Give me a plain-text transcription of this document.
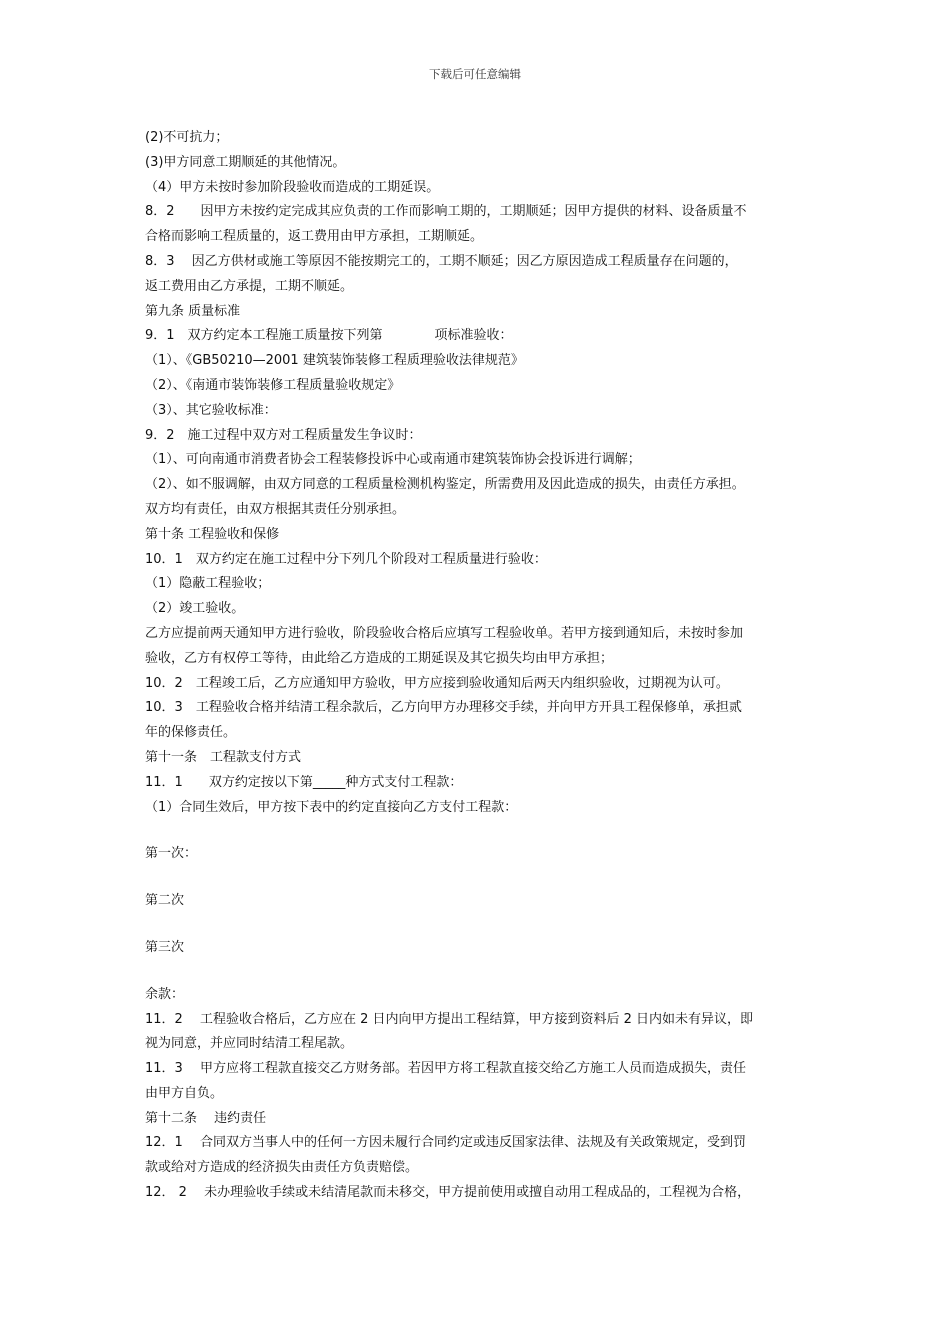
下载后可任意编辑
(2)不可抗力；
(3)甲方同意工期顺延的其他情况。
（4）甲方未按时参加阶段验收而造成的工期延误。
8．2　　因甲方未按约定完成其应负责的工作而影响工期的，工期顺延；因甲方提供的材料、设备质量不
合格而影响工程质量的，返工费用由甲方承担，工期顺延。
8．3　 因乙方供材或施工等原因不能按期完工的，工期不顺延；因乙方原因造成工程质量存在问题的，
返工费用由乙方承提，工期不顺延。
第九条 质量标准
9．1　双方约定本工程施工质量按下列第　　　　项标准验收：
（1）、《GB50210—2001 建筑装饰装修工程质理验收法律规范》
（2）、《南通市装饰装修工程质量验收规定》
（3）、其它验收标准：
9．2　施工过程中双方对工程质量发生争议时：
（1）、可向南通市消费者协会工程装修投诉中心或南通市建筑装饰协会投诉进行调解；
（2）、如不服调解，由双方同意的工程质量检测机构鉴定，所需费用及因此造成的损失，由责任方承担。
双方均有责任，由双方根据其责任分别承担。
第十条 工程验收和保修
10．1　双方约定在施工过程中分下列几个阶段对工程质量进行验收：
（1）隐蔽工程验收；
（2）竣工验收。
乙方应提前两天通知甲方进行验收，阶段验收合格后应填写工程验收单。若甲方接到通知后，未按时参加
验收，乙方有权停工等待，由此给乙方造成的工期延误及其它损失均由甲方承担；
10．2　工程竣工后，乙方应通知甲方验收，甲方应接到验收通知后两天内组织验收，过期视为认可。
10．3　工程验收合格并结清工程余款后，乙方向甲方办理移交手续，并向甲方开具工程保修单，承担贰
年的保修责任。
第十一条　工程款支付方式
11．1　　双方约定按以下第_____种方式支付工程款：
（1）合同生效后，甲方按下表中的约定直接向乙方支付工程款：
第一次：
第二次
第三次
余款：
11．2　 工程验收合格后，乙方应在 2 日内向甲方提出工程结算，甲方接到资料后 2 日内如未有异议，即
视为同意，并应同时结清工程尾款。
11．3　 甲方应将工程款直接交乙方财务部。若因甲方将工程款直接交给乙方施工人员而造成损失，责任
由甲方自负。
第十二条　 违约责任
12．1　 合同双方当事人中的任何一方因未履行合同约定或违反国家法律、法规及有关政策规定，受到罚
款或给对方造成的经济损失由责任方负责赔偿。
12． 2　 未办理验收手续或未结清尾款而未移交，甲方提前使用或擅自动用工程成品的，工程视为合格，
